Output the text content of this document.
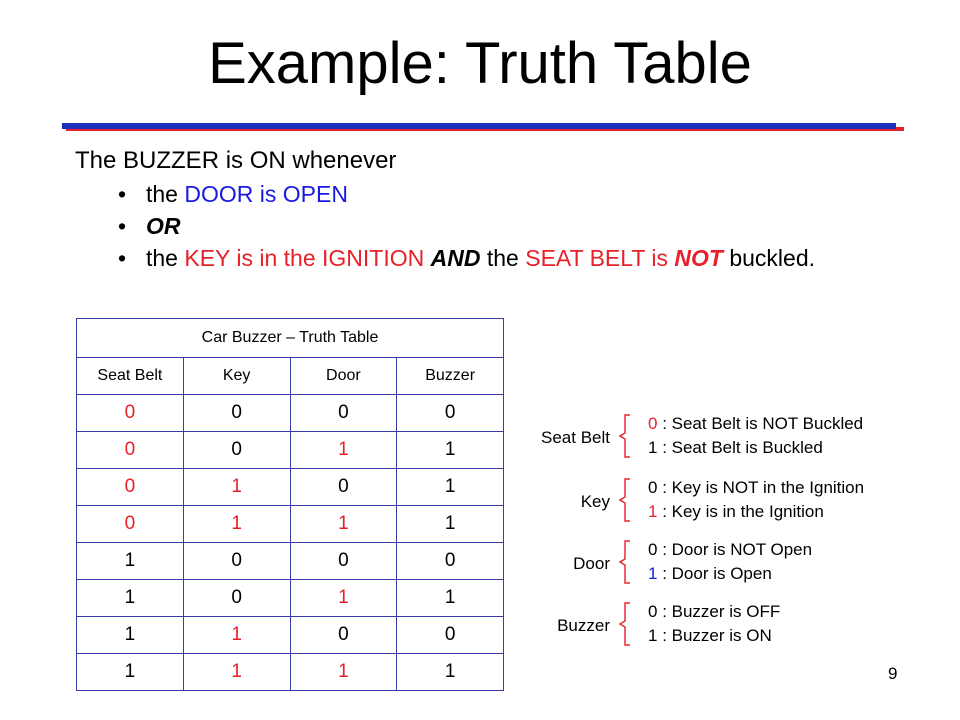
Example: Truth Table
The BUZZER is ON whenever
• the DOOR is OPEN
• OR
• the KEY is in the IGNITION AND the SEAT BELT is NOT buckled.
Car Buzzer – Truth Table			
Seat Belt	Key	Door	Buzzer
0	0	0	0
0	0	1	1
0	1	0	1
0	1	1	1
1	0	0	0
1	0	1	1
1	1	0	0
1	1	1	1
Seat Belt
0 : Seat Belt is NOT Buckled
1 : Seat Belt is Buckled
Key
0 : Key is NOT in the Ignition
1 : Key is in the Ignition
Door
0 : Door is NOT Open
1 : Door is Open
Buzzer
0 : Buzzer is OFF
1 : Buzzer is ON
9
